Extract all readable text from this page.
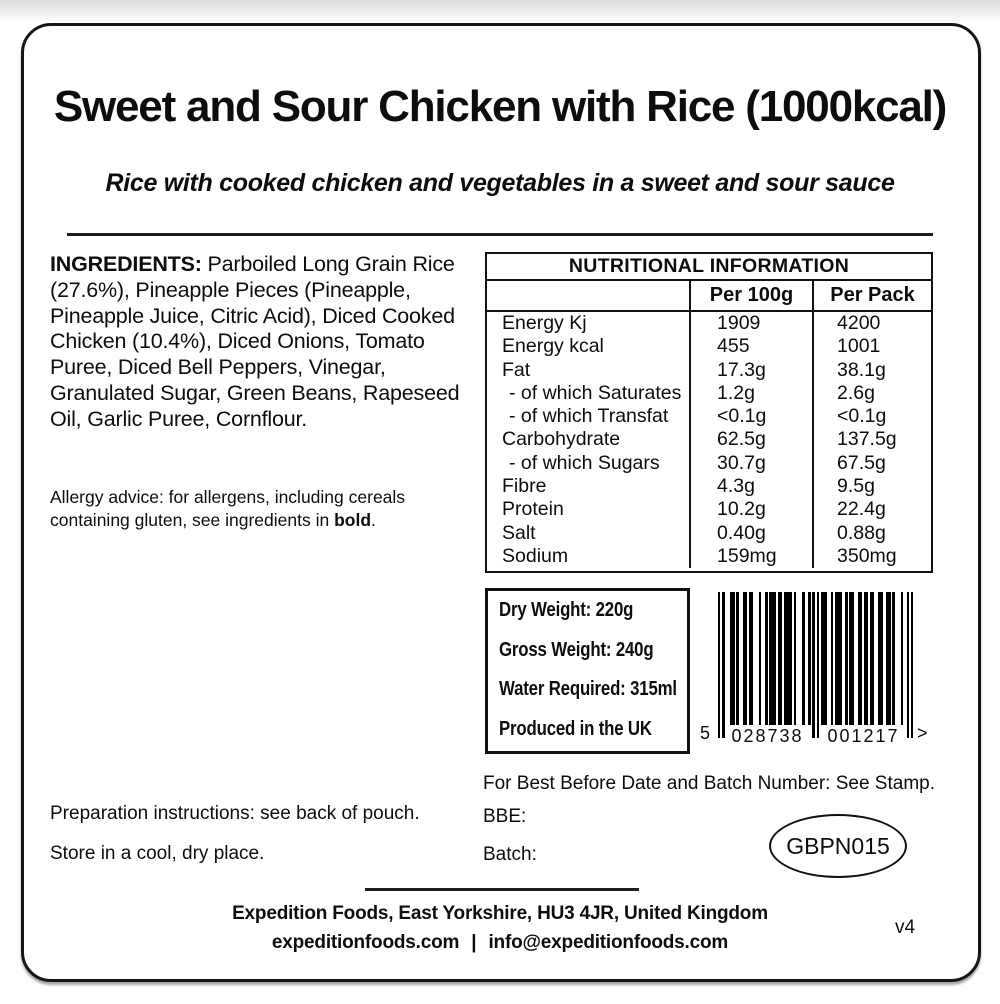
Sweet and Sour Chicken with Rice (1000kcal)
Rice with cooked chicken and vegetables in a sweet and sour sauce

INGREDIENTS: Parboiled Long Grain Rice (27.6%), Pineapple Pieces (Pineapple, Pineapple Juice, Citric Acid), Diced Cooked Chicken (10.4%), Diced Onions, Tomato Puree, Diced Bell Peppers, Vinegar, Granulated Sugar, Green Beans, Rapeseed Oil, Garlic Puree, Cornflour.

Allergy advice: for allergens, including cereals containing gluten, see ingredients in bold.

NUTRITIONAL INFORMATION
Per 100g	Per Pack
Energy Kj	1909	4200
Energy kcal	455	1001
Fat	17.3g	38.1g
- of which Saturates	1.2g	2.6g
- of which Transfat	<0.1g	<0.1g
Carbohydrate	62.5g	137.5g
- of which Sugars	30.7g	67.5g
Fibre	4.3g	9.5g
Protein	10.2g	22.4g
Salt	0.40g	0.88g
Sodium	159mg	350mg
Dry Weight: 220g
Gross Weight: 240g
Water Required: 315ml
Produced in the UK	5	028738	001217 >
For Best Before Date and Batch Number: See Stamp.
BBE:
Batch:	GBPN015
Preparation instructions: see back of pouch.
Store in a cool, dry place.
Expedition Foods, East Yorkshire, HU3 4JR, United Kingdom
expeditionfoods.com | info@expeditionfoods.com
v4
